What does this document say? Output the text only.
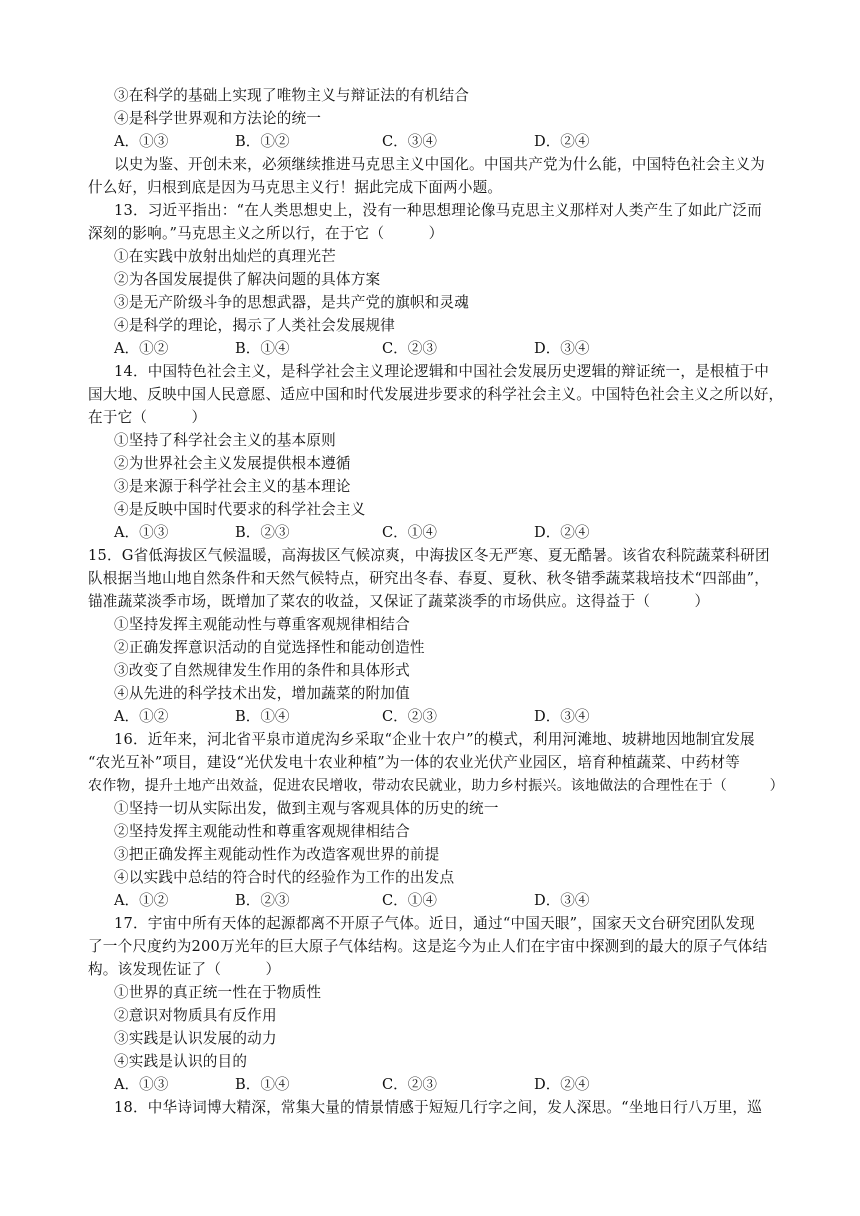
③在科学的基础上实现了唯物主义与辩证法的有机结合
④是科学世界观和方法论的统一
A．①③	B．①②	C．③④	D．②④
以史为鉴、开创未来，必须继续推进马克思主义中国化。中国共产党为什么能，中国特色社会主义为
什么好，归根到底是因为马克思主义行！据此完成下面两小题。
13．习近平指出：“在人类思想史上，没有一种思想理论像马克思主义那样对人类产生了如此广泛而
深刻的影响。”马克思主义之所以行，在于它（　　　）
①在实践中放射出灿烂的真理光芒
②为各国发展提供了解决问题的具体方案
③是无产阶级斗争的思想武器，是共产党的旗帜和灵魂
④是科学的理论，揭示了人类社会发展规律
A．①②	B．①④	C．②③	D．③④
14．中国特色社会主义，是科学社会主义理论逻辑和中国社会发展历史逻辑的辩证统一，是根植于中
国大地、反映中国人民意愿、适应中国和时代发展进步要求的科学社会主义。中国特色社会主义之所以好，
在于它（　　　）
①坚持了科学社会主义的基本原则
②为世界社会主义发展提供根本遵循
③是来源于科学社会主义的基本理论
④是反映中国时代要求的科学社会主义
A．①③	B．②③	C．①④	D．②④
15．G省低海拔区气候温暖，高海拔区气候凉爽，中海拔区冬无严寒、夏无酷暑。该省农科院蔬菜科研团
队根据当地山地自然条件和天然气候特点，研究出冬春、春夏、夏秋、秋冬错季蔬菜栽培技术“四部曲”，
锚准蔬菜淡季市场，既增加了菜农的收益，又保证了蔬菜淡季的市场供应。这得益于（　　　）
①坚持发挥主观能动性与尊重客观规律相结合
②正确发挥意识活动的自觉选择性和能动创造性
③改变了自然规律发生作用的条件和具体形式
④从先进的科学技术出发，增加蔬菜的附加值
A．①②	B．①④	C．②③	D．③④
16．近年来，河北省平泉市道虎沟乡采取“企业十农户”的模式，利用河滩地、坡耕地因地制宜发展
“农光互补”项目，建设“光伏发电十农业种植”为一体的农业光伏产业园区，培育种植蔬菜、中药材等
农作物，提升土地产出效益，促进农民增收，带动农民就业，助力乡村振兴。该地做法的合理性在于（　　　）
①坚持一切从实际出发，做到主观与客观具体的历史的统一
②坚持发挥主观能动性和尊重客观规律相结合
③把正确发挥主观能动性作为改造客观世界的前提
④以实践中总结的符合时代的经验作为工作的出发点
A．①②	B．②③	C．①④	D．③④
17．宇宙中所有天体的起源都离不开原子气体。近日，通过“中国天眼”，国家天文台研究团队发现
了一个尺度约为200万光年的巨大原子气体结构。这是迄今为止人们在宇宙中探测到的最大的原子气体结
构。该发现佐证了（　　　）
①世界的真正统一性在于物质性
②意识对物质具有反作用
③实践是认识发展的动力
④实践是认识的目的
A．①③	B．①④	C．②③	D．②④
18．中华诗词博大精深，常集大量的情景情感于短短几行字之间，发人深思。“坐地日行八万里，巡
